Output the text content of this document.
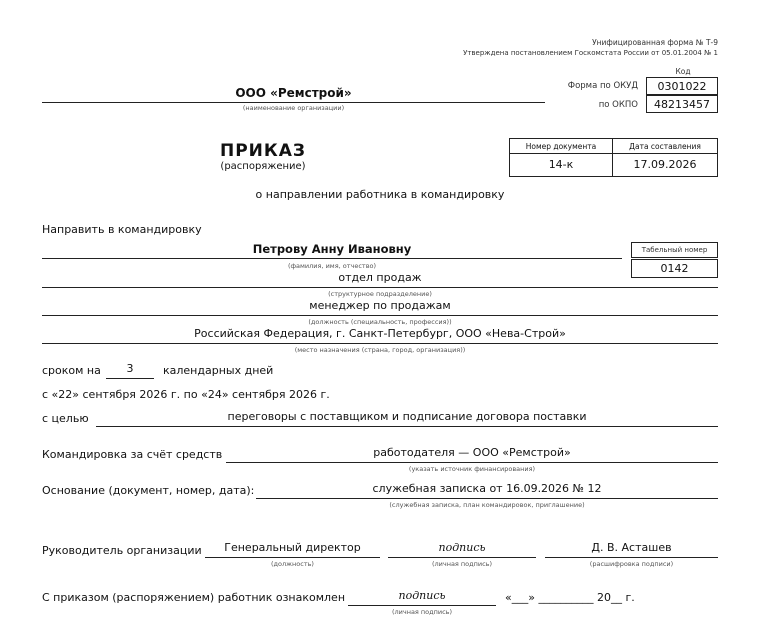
Унифицированная форма № Т-9
Утверждена постановлением Госкомстата России от 05.01.2004 № 1
Код
Форма по ОКУД	0301022
по ОКПО	48213457
ООО «Ремстрой»
(наименование организации)
ПРИКАЗ
(распоряжение)
Номер документа	Дата составления
14-к	17.09.2026
о направлении работника в командировку
Направить в командировку
Петрову Анну Ивановну
(фамилия, имя, отчество)
Табельный номер
0142
отдел продаж
(структурное подразделение)
менеджер по продажам
(должность (специальность, профессия))
Российская Федерация, г. Санкт-Петербург, ООО «Нева-Строй»
(место назначения (страна, город, организация))
сроком на	3	календарных дней
с «22» сентября 2026 г. по «24» сентября 2026 г.
с целью	переговоры с поставщиком и подписание договора поставки
Командировка за счёт средств	работодателя — ООО «Ремстрой»
(указать источник финансирования)
Основание (документ, номер, дата):	служебная записка от 16.09.2026 № 12
(служебная записка, план командировок, приглашение)
Руководитель организации	Генеральный директор
(должность)
подпись
(личная подпись)
Д. В. Асташев
(расшифровка подписи)
С приказом (распоряжением) работник ознакомлен	подпись
(личная подпись)
«___» __________ 20__ г.
